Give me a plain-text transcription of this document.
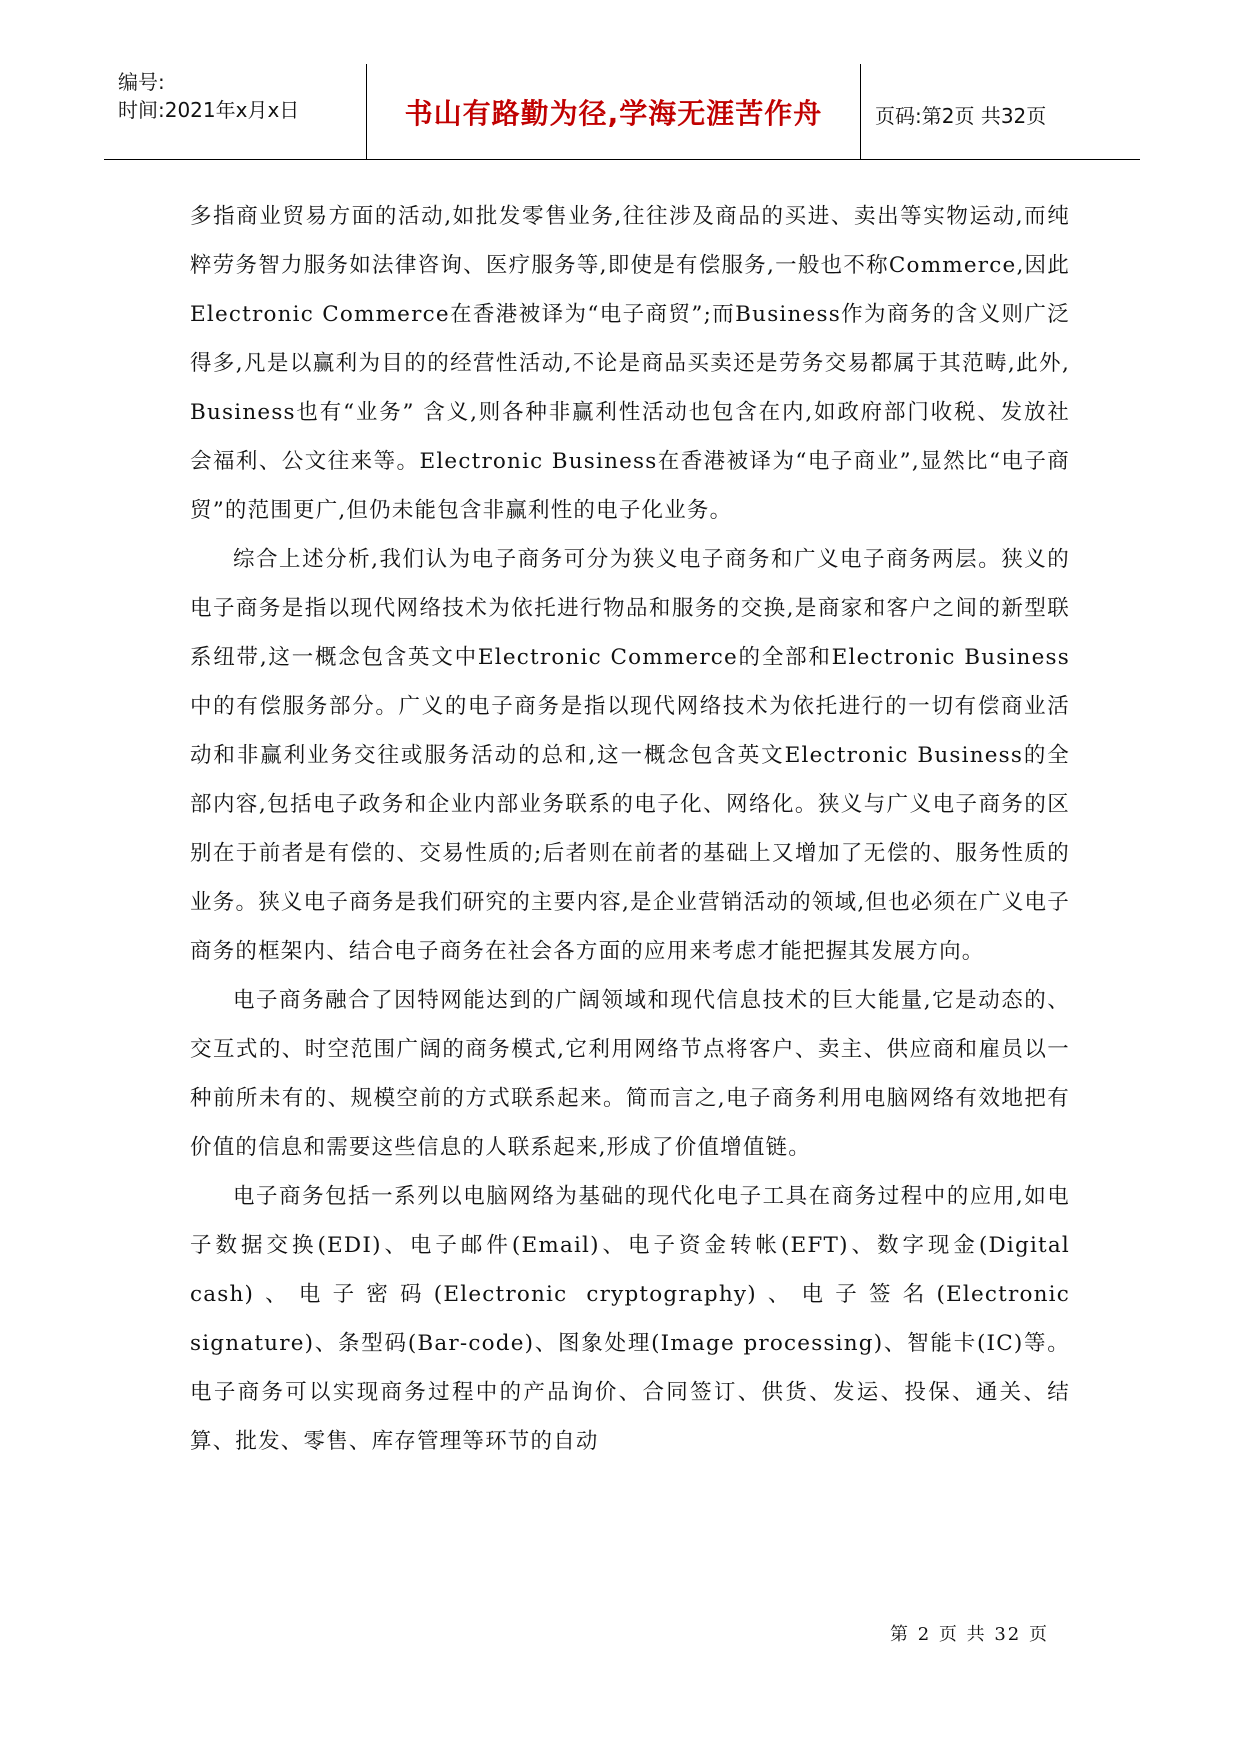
编号:
时间:2021年x月x日	书山有路勤为径,学海无涯苦作舟	页码:第2页 共32页

多指商业贸易方面的活动,如批发零售业务,往往涉及商品的买进、卖出等实物运动,而纯粹劳务智力服务如法律咨询、医疗服务等,即使是有偿服务,一般也不称Commerce,因此Electronic Commerce在香港被译为“电子商贸”;而Business作为商务的含义则广泛得多,凡是以赢利为目的的经营性活动,不论是商品买卖还是劳务交易都属于其范畴,此外, Business也有“业务” 含义,则各种非赢利性活动也包含在内,如政府部门收税、发放社会福利、公文往来等。Electronic Business在香港被译为“电子商业”,显然比“电子商贸”的范围更广,但仍未能包含非赢利性的电子化业务。

综合上述分析,我们认为电子商务可分为狭义电子商务和广义电子商务两层。狭义的电子商务是指以现代网络技术为依托进行物品和服务的交换,是商家和客户之间的新型联系纽带,这一概念包含英文中Electronic Commerce的全部和Electronic Business中的有偿服务部分。广义的电子商务是指以现代网络技术为依托进行的一切有偿商业活动和非赢利业务交往或服务活动的总和,这一概念包含英文Electronic Business的全部内容,包括电子政务和企业内部业务联系的电子化、网络化。狭义与广义电子商务的区别在于前者是有偿的、交易性质的;后者则在前者的基础上又增加了无偿的、服务性质的业务。狭义电子商务是我们研究的主要内容,是企业营销活动的领域,但也必须在广义电子商务的框架内、结合电子商务在社会各方面的应用来考虑才能把握其发展方向。

电子商务融合了因特网能达到的广阔领域和现代信息技术的巨大能量,它是动态的、交互式的、时空范围广阔的商务模式,它利用网络节点将客户、卖主、供应商和雇员以一种前所未有的、规模空前的方式联系起来。简而言之,电子商务利用电脑网络有效地把有价值的信息和需要这些信息的人联系起来,形成了价值增值链。

电子商务包括一系列以电脑网络为基础的现代化电子工具在商务过程中的应用,如电子数据交换(EDI)、电子邮件(Email)、电子资金转帐(EFT)、数字现金(Digital cash)、电子密码(Electronic cryptography)、电子签名(Electronic signature)、条型码(Bar-code)、图象处理(Image processing)、智能卡(IC)等。电子商务可以实现商务过程中的产品询价、合同签订、供货、发运、投保、通关、结算、批发、零售、库存管理等环节的自动

第 2 页 共 32 页
